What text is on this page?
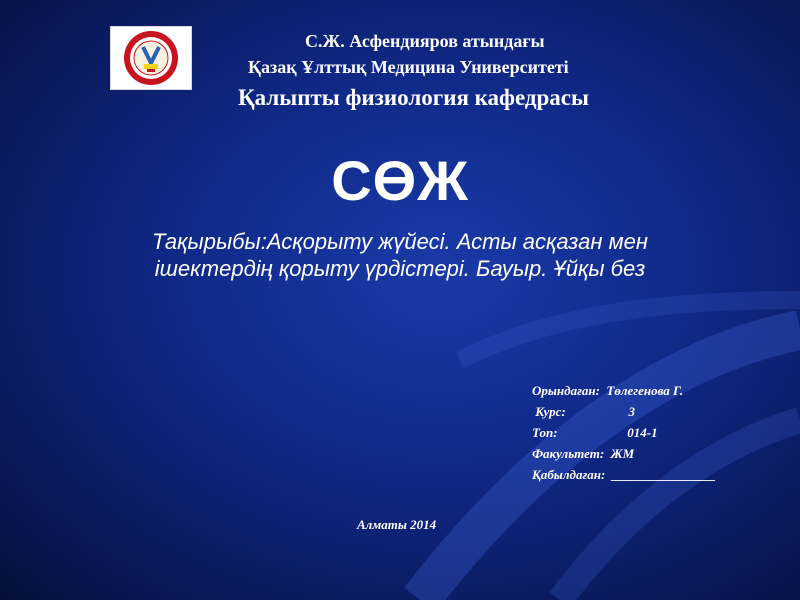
С.Ж. Асфендияров атындағы
Қазақ Ұлттық Медицина Университеті
Қалыпты физиология кафедрасы
СӨЖ
Тақырыбы:Асқорыту жүйесі. Асты асқазан мен
ішектердің қорыту үрдістері. Бауыр. Ұйқы без
Орындаған: Төлегенова Г.
Курс:	3
Топ:	014-1
Факультет: ЖМ
Қабылдаған: ________________
Алматы 2014
